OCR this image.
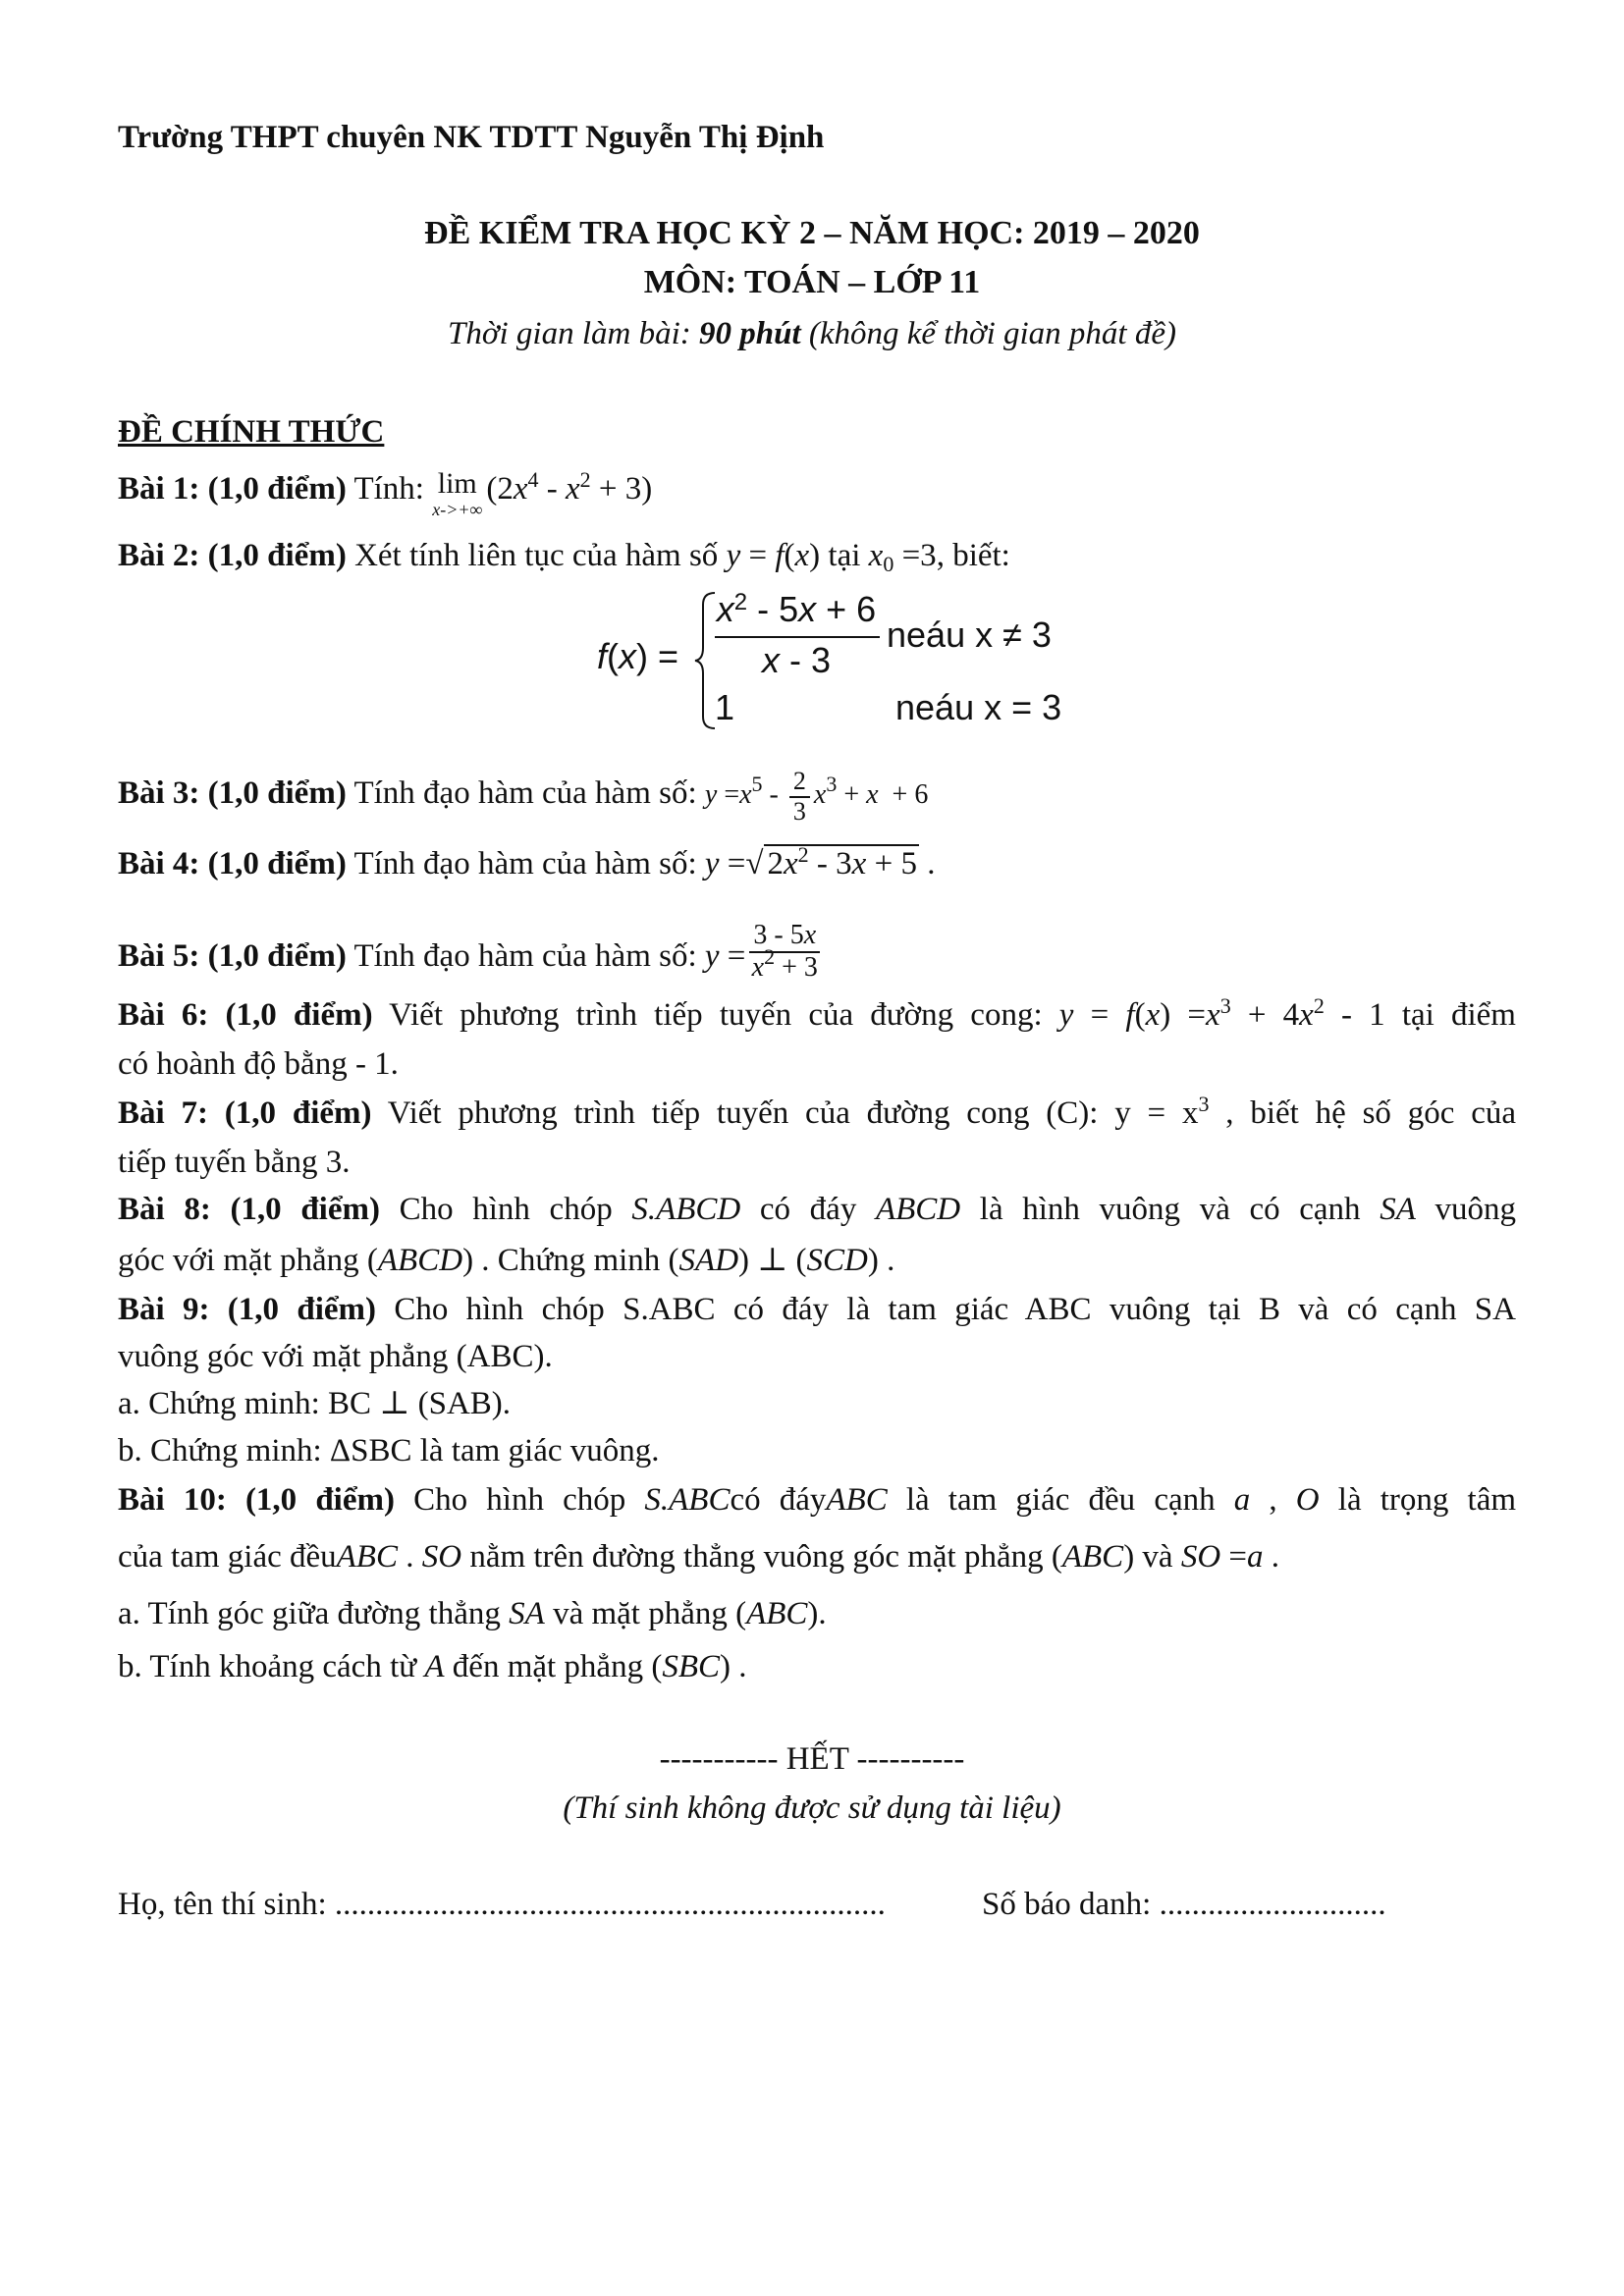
Trường THPT chuyên NK TDTT Nguyễn Thị Định
ĐỀ KIỂM TRA HỌC KỲ 2 – NĂM HỌC: 2019 – 2020
MÔN: TOÁN – LỚP 11
Thời gian làm bài: 90 phút (không kể thời gian phát đề)
ĐỀ CHÍNH THỨC
Bài 1: (1,0 điểm) Tính: lim
x->+∞
$(2x^4 - x^2 + 3)$
Bài 2: (1,0 điểm) Xét tính liên tục của hàm số y = f(x) tại $x_0 =3$, biết:
f(x) =
$x^2 - 5x + 6$
x - 3
neáu x ≠ 3
1	neáu x = 3
Bài 3: (1,0 điểm) Tính đạo hàm của hàm số: $y =x^5 - \frac{2}{3} x^3 + x + 6$
Bài 4: (1,0 điểm) Tính đạo hàm của hàm số: y =√ $2x^2 - 3x + 5$ .
Bài 5: (1,0 điểm) Tính đạo hàm của hàm số: $y = \frac{3 - 5x}{x^2 + 3}$
Bài 6: (1,0 điểm) Viết phương trình tiếp tuyến của đường cong: $y = f(x) =x^3 + 4x^2 - 1$ tại điểm
có hoành độ bằng - 1.
Bài 7: (1,0 điểm) Viết phương trình tiếp tuyến của đường cong (C): $y = x^3$ , biết hệ số góc của
tiếp tuyến bằng 3.
Bài 8: (1,0 điểm) Cho hình chóp S.ABCD có đáy ABCD là hình vuông và có cạnh SA vuông
góc với mặt phẳng (ABCD) . Chứng minh (SAD) ⊥ (SCD) .
Bài 9: (1,0 điểm) Cho hình chóp S.ABC có đáy là tam giác ABC vuông tại B và có cạnh SA
vuông góc với mặt phẳng (ABC).
a. Chứng minh: BC ⊥ (SAB).
b. Chứng minh: ΔSBC là tam giác vuông.
Bài 10: (1,0 điểm) Cho hình chóp S.ABCcó đáyABC là tam giác đều cạnh a , O là trọng tâm
của tam giác đềuABC . SO nằm trên đường thẳng vuông góc mặt phẳng (ABC) và SO =a .
a. Tính góc giữa đường thẳng SA và mặt phẳng (ABC).
b. Tính khoảng cách từ A đến mặt phẳng (SBC) .
----------- HẾT ----------
(Thí sinh không được sử dụng tài liệu)
Họ, tên thí sinh: ....................................................................	Số báo danh: ............................
